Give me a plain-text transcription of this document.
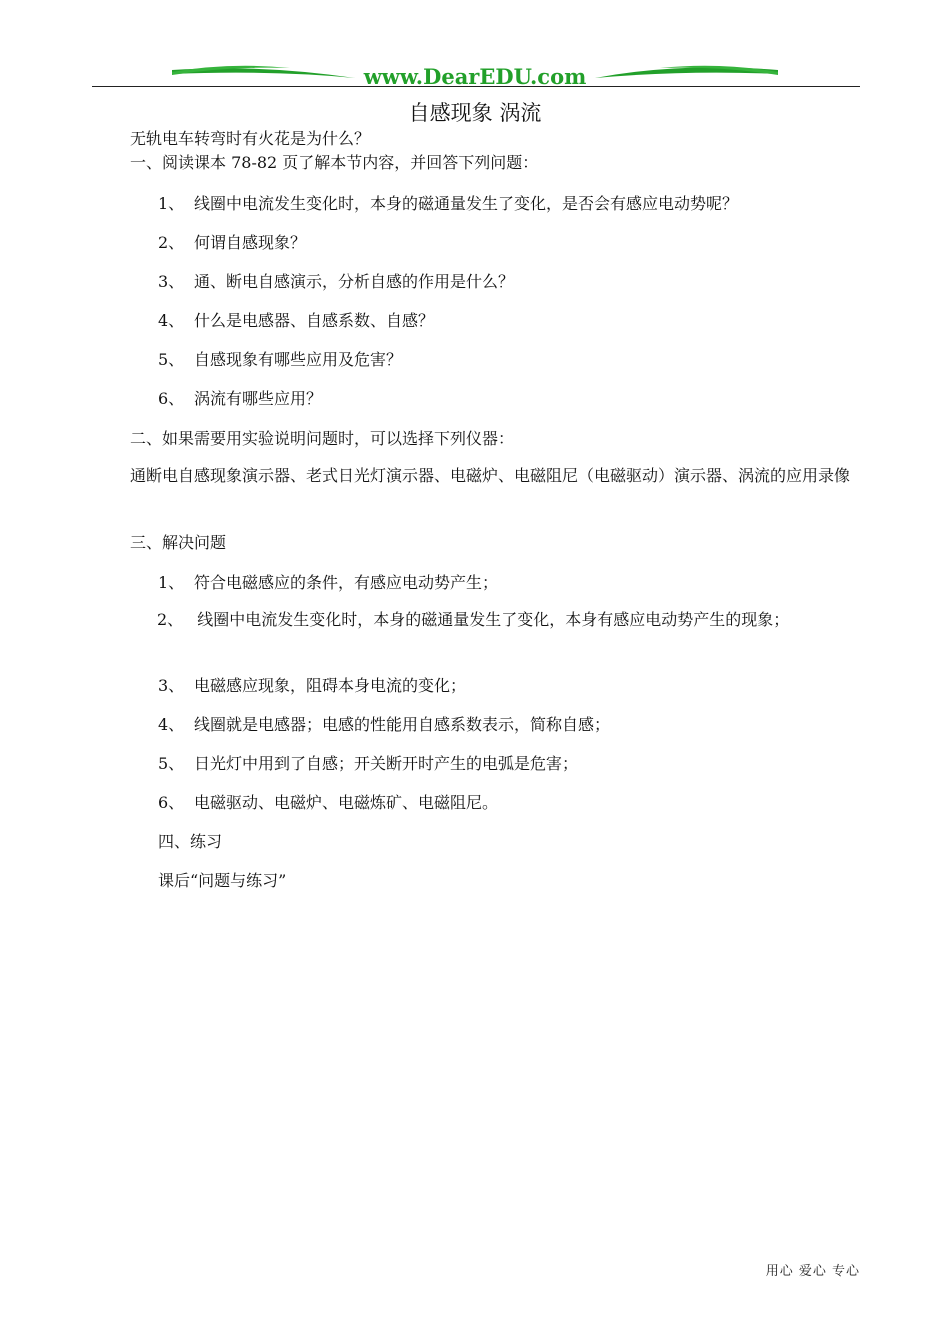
www.DearEDU.com
自感现象 涡流
无轨电车转弯时有火花是为什么？
一、阅读课本 78-82 页了解本节内容，并回答下列问题：
1、 线圈中电流发生变化时，本身的磁通量发生了变化，是否会有感应电动势呢？
2、 何谓自感现象？
3、 通、断电自感演示，分析自感的作用是什么？
4、 什么是电感器、自感系数、自感？
5、 自感现象有哪些应用及危害？
6、 涡流有哪些应用？
二、如果需要用实验说明问题时，可以选择下列仪器：

通断电自感现象演示器、老式日光灯演示器、电磁炉、电磁阻尼（电磁驱动）演示器、涡流的应用录像

三、解决问题
1、 符合电磁感应的条件，有感应电动势产生；

2、 线圈中电流发生变化时，本身的磁通量发生了变化，本身有感应电动势产生的现象；

3、 电磁感应现象，阻碍本身电流的变化；
4、 线圈就是电感器；电感的性能用自感系数表示，简称自感；
5、 日光灯中用到了自感；开关断开时产生的电弧是危害；
6、 电磁驱动、电磁炉、电磁炼矿、电磁阻尼。
四、练习
课后“问题与练习”
用心 爱心 专心
